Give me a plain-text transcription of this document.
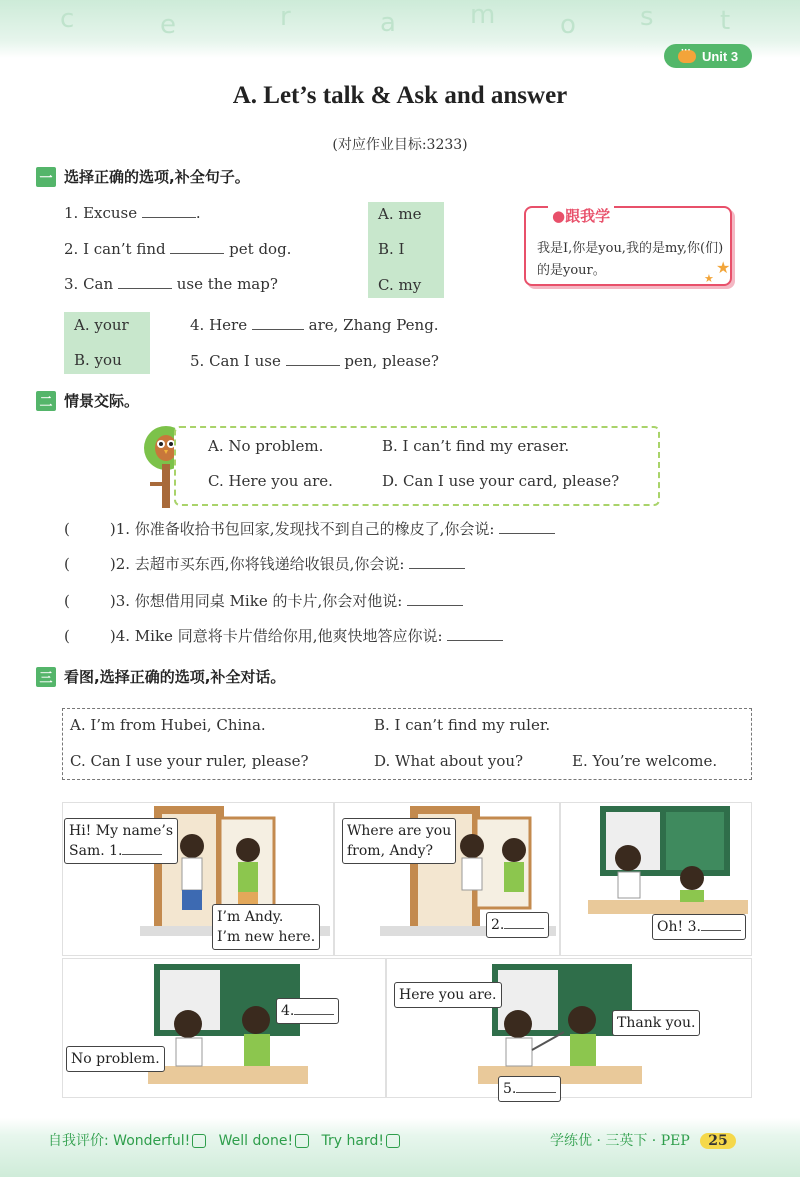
c	e	r	a	m o s	t
···
Unit 3
A. Let’s talk & Ask and answer
(对应作业目标:3233)
一 选择正确的选项,补全句子。
1. Excuse	.
2. I can’t find	pet dog.
3. Can	use the map?
A. me
B. I
C. my
A. your
B. you
4. Here	are, Zhang Peng.
5. Can I use	pen, please?
●跟我学
我是I,你是you,我的是my,你(们)的是your。	★
★
二 情景交际。
A. No problem.	B. I can’t find my eraser.
C. Here you are.	D. Can I use your card, please?
(	)1. 你准备收拾书包回家,发现找不到自己的橡皮了,你会说:
(	)2. 去超市买东西,你将钱递给收银员,你会说:
(	)3. 你想借用同桌 Mike 的卡片,你会对他说:
(	)4. Mike 同意将卡片借给你用,他爽快地答应你说:
三 看图,选择正确的选项,补全对话。
A. I’m from Hubei, China.	B. I can’t find my ruler.
C. Can I use your ruler, please?	D. What about you?	E. You’re welcome.
Hi! My name’s
Sam. 1.
I’m Andy.
I’m new here.
Where are you
from, Andy?
2.	Oh! 3.
4.
No problem.
Here you are.
Thank you.
5.
自我评价: Wonderful! Well done! Try hard!	学练优 · 三英下 · PEP 25
